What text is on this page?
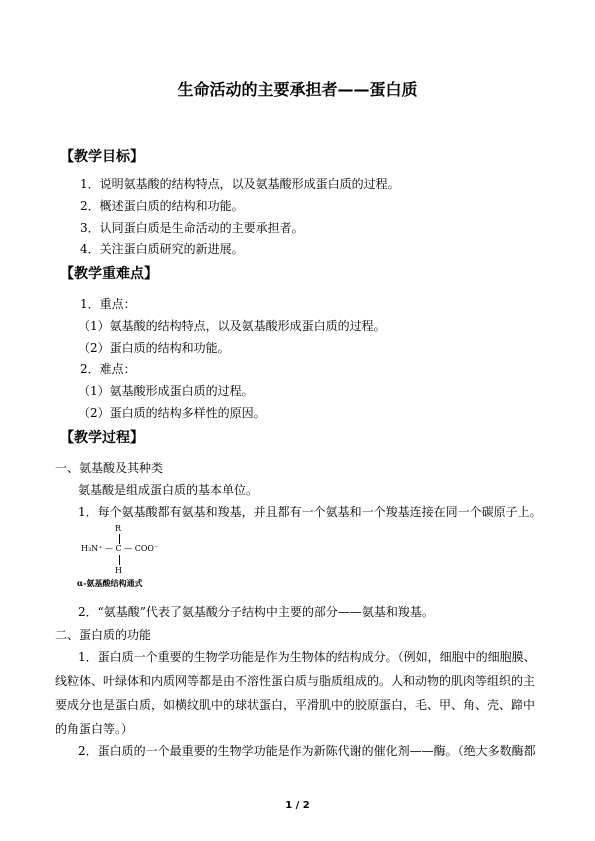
生命活动的主要承担者——蛋白质
【教学目标】
1．说明氨基酸的结构特点，以及氨基酸形成蛋白质的过程。
2．概述蛋白质的结构和功能。
3．认同蛋白质是生命活动的主要承担者。
4．关注蛋白质研究的新进展。
【教学重难点】
1．重点：
（1）氨基酸的结构特点，以及氨基酸形成蛋白质的过程。
（2）蛋白质的结构和功能。
2．难点：
（1）氨基酸形成蛋白质的过程。
（2）蛋白质的结构多样性的原因。
【教学过程】
一、氨基酸及其种类
氨基酸是组成蛋白质的基本单位。
1．每个氨基酸都有氨基和羧基，并且都有一个氨基和一个羧基连接在同一个碳原子上。
R
H₃N⁺ — C — COO⁻
H
α-氨基酸结构通式
2．“氨基酸”代表了氨基酸分子结构中主要的部分——氨基和羧基。
二、蛋白质的功能
1．蛋白质一个重要的生物学功能是作为生物体的结构成分。（例如，细胞中的细胞膜、线粒体、叶绿体和内质网等都是由不溶性蛋白质与脂质组成的。人和动物的肌肉等组织的主要成分也是蛋白质，如横纹肌中的球状蛋白，平滑肌中的胶原蛋白，毛、甲、角、壳、蹄中的角蛋白等。）
2．蛋白质的一个最重要的生物学功能是作为新陈代谢的催化剂——酶。（绝大多数酶都
1 / 2
